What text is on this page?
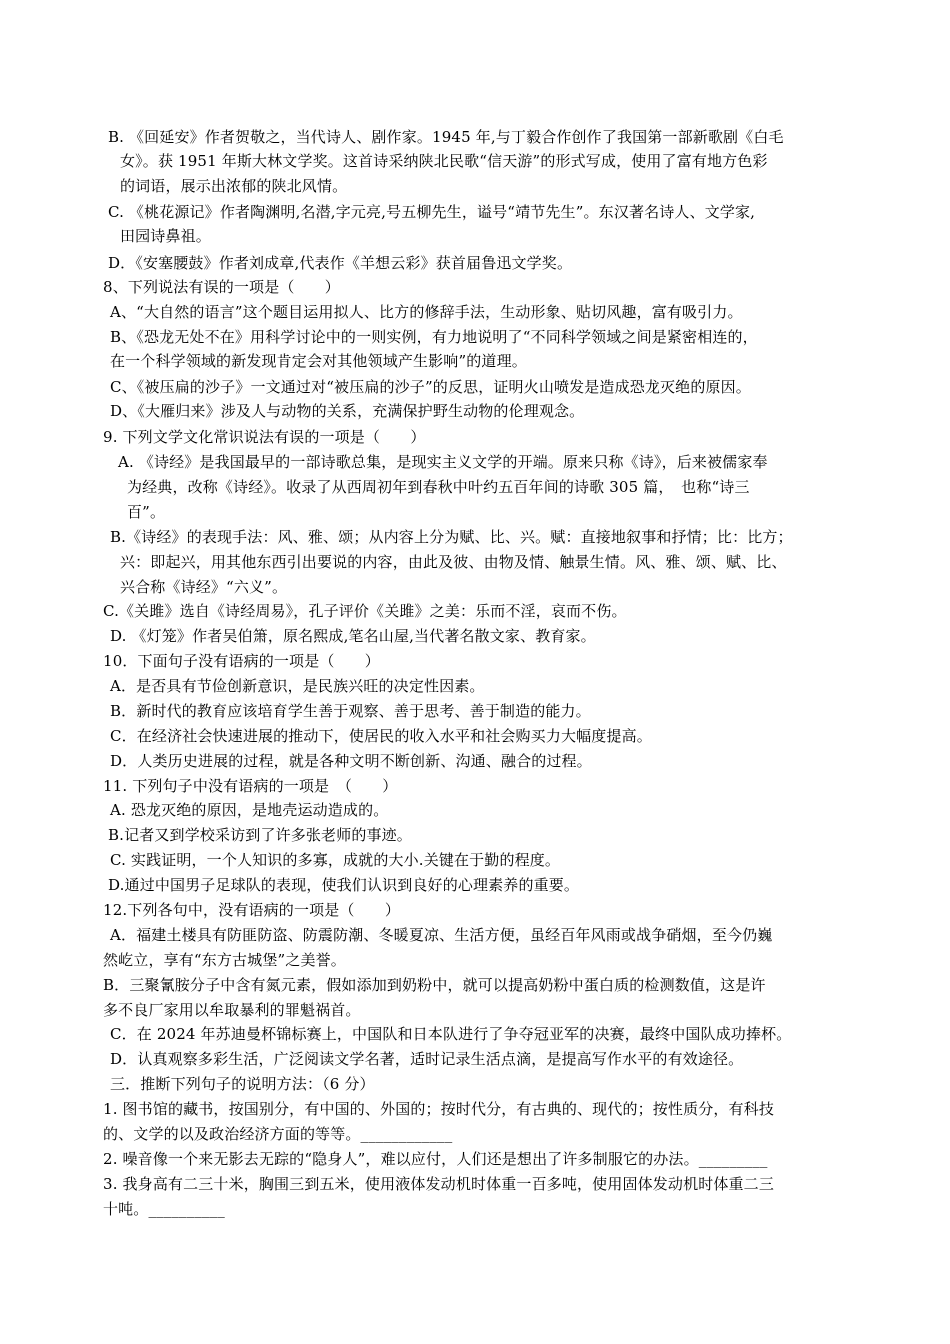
B. 《回延安》作者贺敬之，当代诗人、剧作家。1945 年,与丁毅合作创作了我国第一部新歌剧《白毛
女》。获 1951 年斯大林文学奖。这首诗采纳陕北民歌“信天游”的形式写成，使用了富有地方色彩
的词语，展示出浓郁的陕北风情。
C. 《桃花源记》作者陶渊明,名潜,字元亮,号五柳先生，谥号“靖节先生”。东汉著名诗人、文学家,
田园诗鼻祖。
D．《安塞腰鼓》作者刘成章,代表作《羊想云彩》获首届鲁迅文学奖。
8、下列说法有误的一项是（　　）
A、“大自然的语言”这个题目运用拟人、比方的修辞手法，生动形象、贴切风趣，富有吸引力。
B、《恐龙无处不在》用科学讨论中的一则实例，有力地说明了“不同科学领域之间是紧密相连的，
在一个科学领域的新发现肯定会对其他领域产生影响”的道理。
C、《被压扁的沙子》一文通过对“被压扁的沙子”的反思，证明火山喷发是造成恐龙灭绝的原因。
D、《大雁归来》涉及人与动物的关系，充满保护野生动物的伦理观念。
9. 下列文学文化常识说法有误的一项是（　　）
A. 《诗经》是我国最早的一部诗歌总集，是现实主义文学的开端。原来只称《诗》，后来被儒家奉
为经典，改称《诗经》。收录了从西周初年到春秋中叶约五百年间的诗歌 305 篇，　也称“诗三
百”。
B.《诗经》的表现手法：风、雅、颂；从内容上分为赋、比、兴。赋：直接地叙事和抒情；比：比方；
兴：即起兴，用其他东西引出要说的内容，由此及彼、由物及情、触景生情。风、雅、颂、赋、比、
兴合称《诗经》“六义”。
C.《关雎》选自《诗经周易》，孔子评价《关雎》之美：乐而不淫，哀而不伤。
D. 《灯笼》作者吴伯箫，原名熙成,笔名山屋,当代著名散文家、教育家。
10．下面句子没有语病的一项是（　　）
A．是否具有节俭创新意识，是民族兴旺的决定性因素。
B．新时代的教育应该培育学生善于观察、善于思考、善于制造的能力。
C．在经济社会快速进展的推动下，使居民的收入水平和社会购买力大幅度提高。
D．人类历史进展的过程，就是各种文明不断创新、沟通、融合的过程。
11. 下列句子中没有语病的一项是　（　　）
A. 恐龙灭绝的原因，是地壳运动造成的。
B.记者又到学校采访到了许多张老师的事迹。
C. 实践证明，一个人知识的多寡，成就的大小.关键在于勤的程度。
D.通过中国男子足球队的表现，使我们认识到良好的心理素养的重要。
12.下列各句中，没有语病的一项是（　　）
A．福建土楼具有防匪防盗、防震防潮、冬暖夏凉、生活方便，虽经百年风雨或战争硝烟，至今仍巍
然屹立，享有“东方古城堡”之美誉。
B．三聚氰胺分子中含有氮元素，假如添加到奶粉中，就可以提高奶粉中蛋白质的检测数值，这是许
多不良厂家用以牟取暴利的罪魁祸首。
C．在 2024 年苏迪曼杯锦标赛上，中国队和日本队进行了争夺冠亚军的决赛，最终中国队成功捧杯。
D．认真观察多彩生活，广泛阅读文学名著，适时记录生活点滴，是提高写作水平的有效途径。
三．推断下列句子的说明方法：（6 分）
1. 图书馆的藏书，按国别分，有中国的、外国的；按时代分，有古典的、现代的；按性质分，有科技
的、文学的以及政治经济方面的等等。____________
2. 噪音像一个来无影去无踪的“隐身人”，难以应付，人们还是想出了许多制服它的办法。_________
3. 我身高有二三十米，胸围三到五米，使用液体发动机时体重一百多吨，使用固体发动机时体重二三
十吨。__________
